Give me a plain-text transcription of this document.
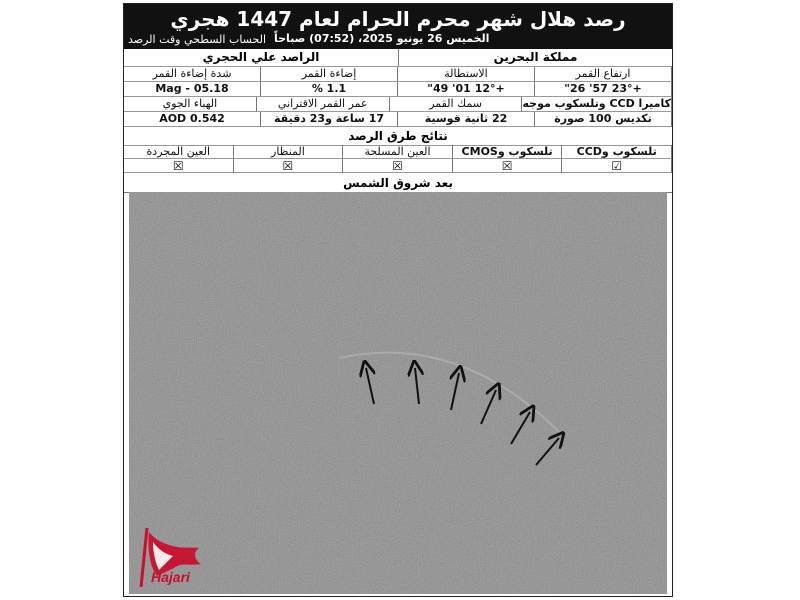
رصد هلال شهر محرم الحرام لعام 1447 هجري
الخميس 26 يونيو 2025، (07:52) صباحاً
الحساب السطحي وقت الرصد
مملكة البحرين
الراصد علي الحجري
ارتفاع القمر
الاستطالة
إضاءة القمر
شدة إضاءة القمر
+23° 57' 26"
+12° 01' 49"
1.1 %
Mag - 05.18
كاميرا CCD وتلسكوب موجه
سمك القمر
عمر القمر الاقتراني
الهباء الجوي
تكديس 100 صورة
22 ثانية قوسية
17 ساعة و23 دقيقة
AOD 0.542
نتائج طرق الرصد
تلسكوب وCCD
تلسكوب وCMOS
العين المسلحة
المنظار
العين المجردة
☑
☒
☒
☒
☒
بعد شروق الشمس
Hajari
